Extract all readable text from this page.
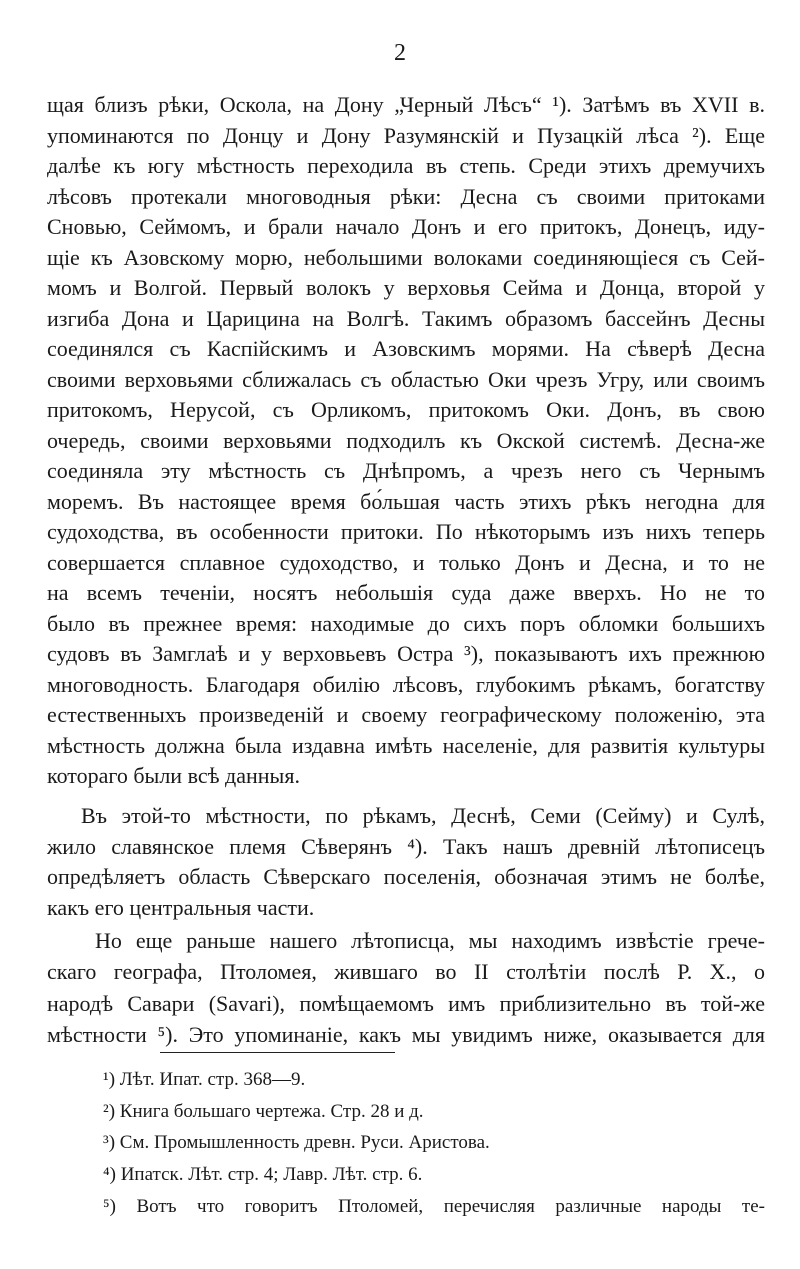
2
щая близъ рѣки, Оскола, на Дону „Черный Лѣсъ“ ¹). Затѣмъ въ XVII в.
упоминаются по Донцу и Дону Разумянскій и Пузацкій лѣса ²). Еще
далѣе къ югу мѣстность переходила въ степь. Среди этихъ дремучихъ
лѣсовъ протекали многоводныя рѣки: Десна съ своими притоками
Сновью, Сеймомъ, и брали начало Донъ и его притокъ, Донецъ, иду-
щіе къ Азовскому морю, небольшими волоками соединяющіеся съ Сей-
момъ и Волгой. Первый волокъ у верховья Сейма и Донца, второй у
изгиба Дона и Царицина на Волгѣ. Такимъ образомъ бассейнъ Десны
соединялся съ Каспійскимъ и Азовскимъ морями. На сѣверѣ Десна
своими верховьями сближалась съ областью Оки чрезъ Угру, или своимъ
притокомъ, Нерусой, съ Орликомъ, притокомъ Оки. Донъ, въ свою
очередь, своими верховьями подходилъ къ Окской системѣ. Десна-же
соединяла эту мѣстность съ Днѣпромъ, а чрезъ него съ Чернымъ
моремъ. Въ настоящее время бо́льшая часть этихъ рѣкъ негодна для
судоходства, въ особенности притоки. По нѣкоторымъ изъ нихъ теперь
совершается сплавное судоходство, и только Донъ и Десна, и то не
на всемъ теченіи, носятъ небольшія суда даже вверхъ. Но не то
было въ прежнее время: находимые до сихъ поръ обломки большихъ
судовъ въ Замглаѣ и у верховьевъ Остра ³), показываютъ ихъ прежнюю
многоводность. Благодаря обилію лѣсовъ, глубокимъ рѣкамъ, богатству
естественныхъ произведеній и своему географическому положенію, эта
мѣстность должна была издавна имѣть населеніе, для развитія культуры
котораго были всѣ данныя.
Въ этой-то мѣстности, по рѣкамъ, Деснѣ, Семи (Сейму) и Сулѣ,
жило славянское племя Сѣверянъ ⁴). Такъ нашъ древній лѣтописецъ
опредѣляетъ область Сѣверскаго поселенія, обозначая этимъ не болѣе,
какъ его центральныя части.
Но еще раньше нашего лѣтописца, мы находимъ извѣстіе грече-
скаго географа, Птоломея, жившаго во II столѣтіи послѣ Р. Х., о
народѣ Савари (Savari), помѣщаемомъ имъ приблизительно въ той-же
мѣстности ⁵). Это упоминаніе, какъ мы увидимъ ниже, оказывается для
¹) Лѣт. Ипат. стр. 368—9.
²) Книга большаго чертежа. Стр. 28 и д.
³) См. Промышленность древн. Руси. Аристова.
⁴) Ипатск. Лѣт. стр. 4; Лавр. Лѣт. стр. 6.
⁵) Вотъ что говоритъ Птоломей, перечисляя различные народы те-
